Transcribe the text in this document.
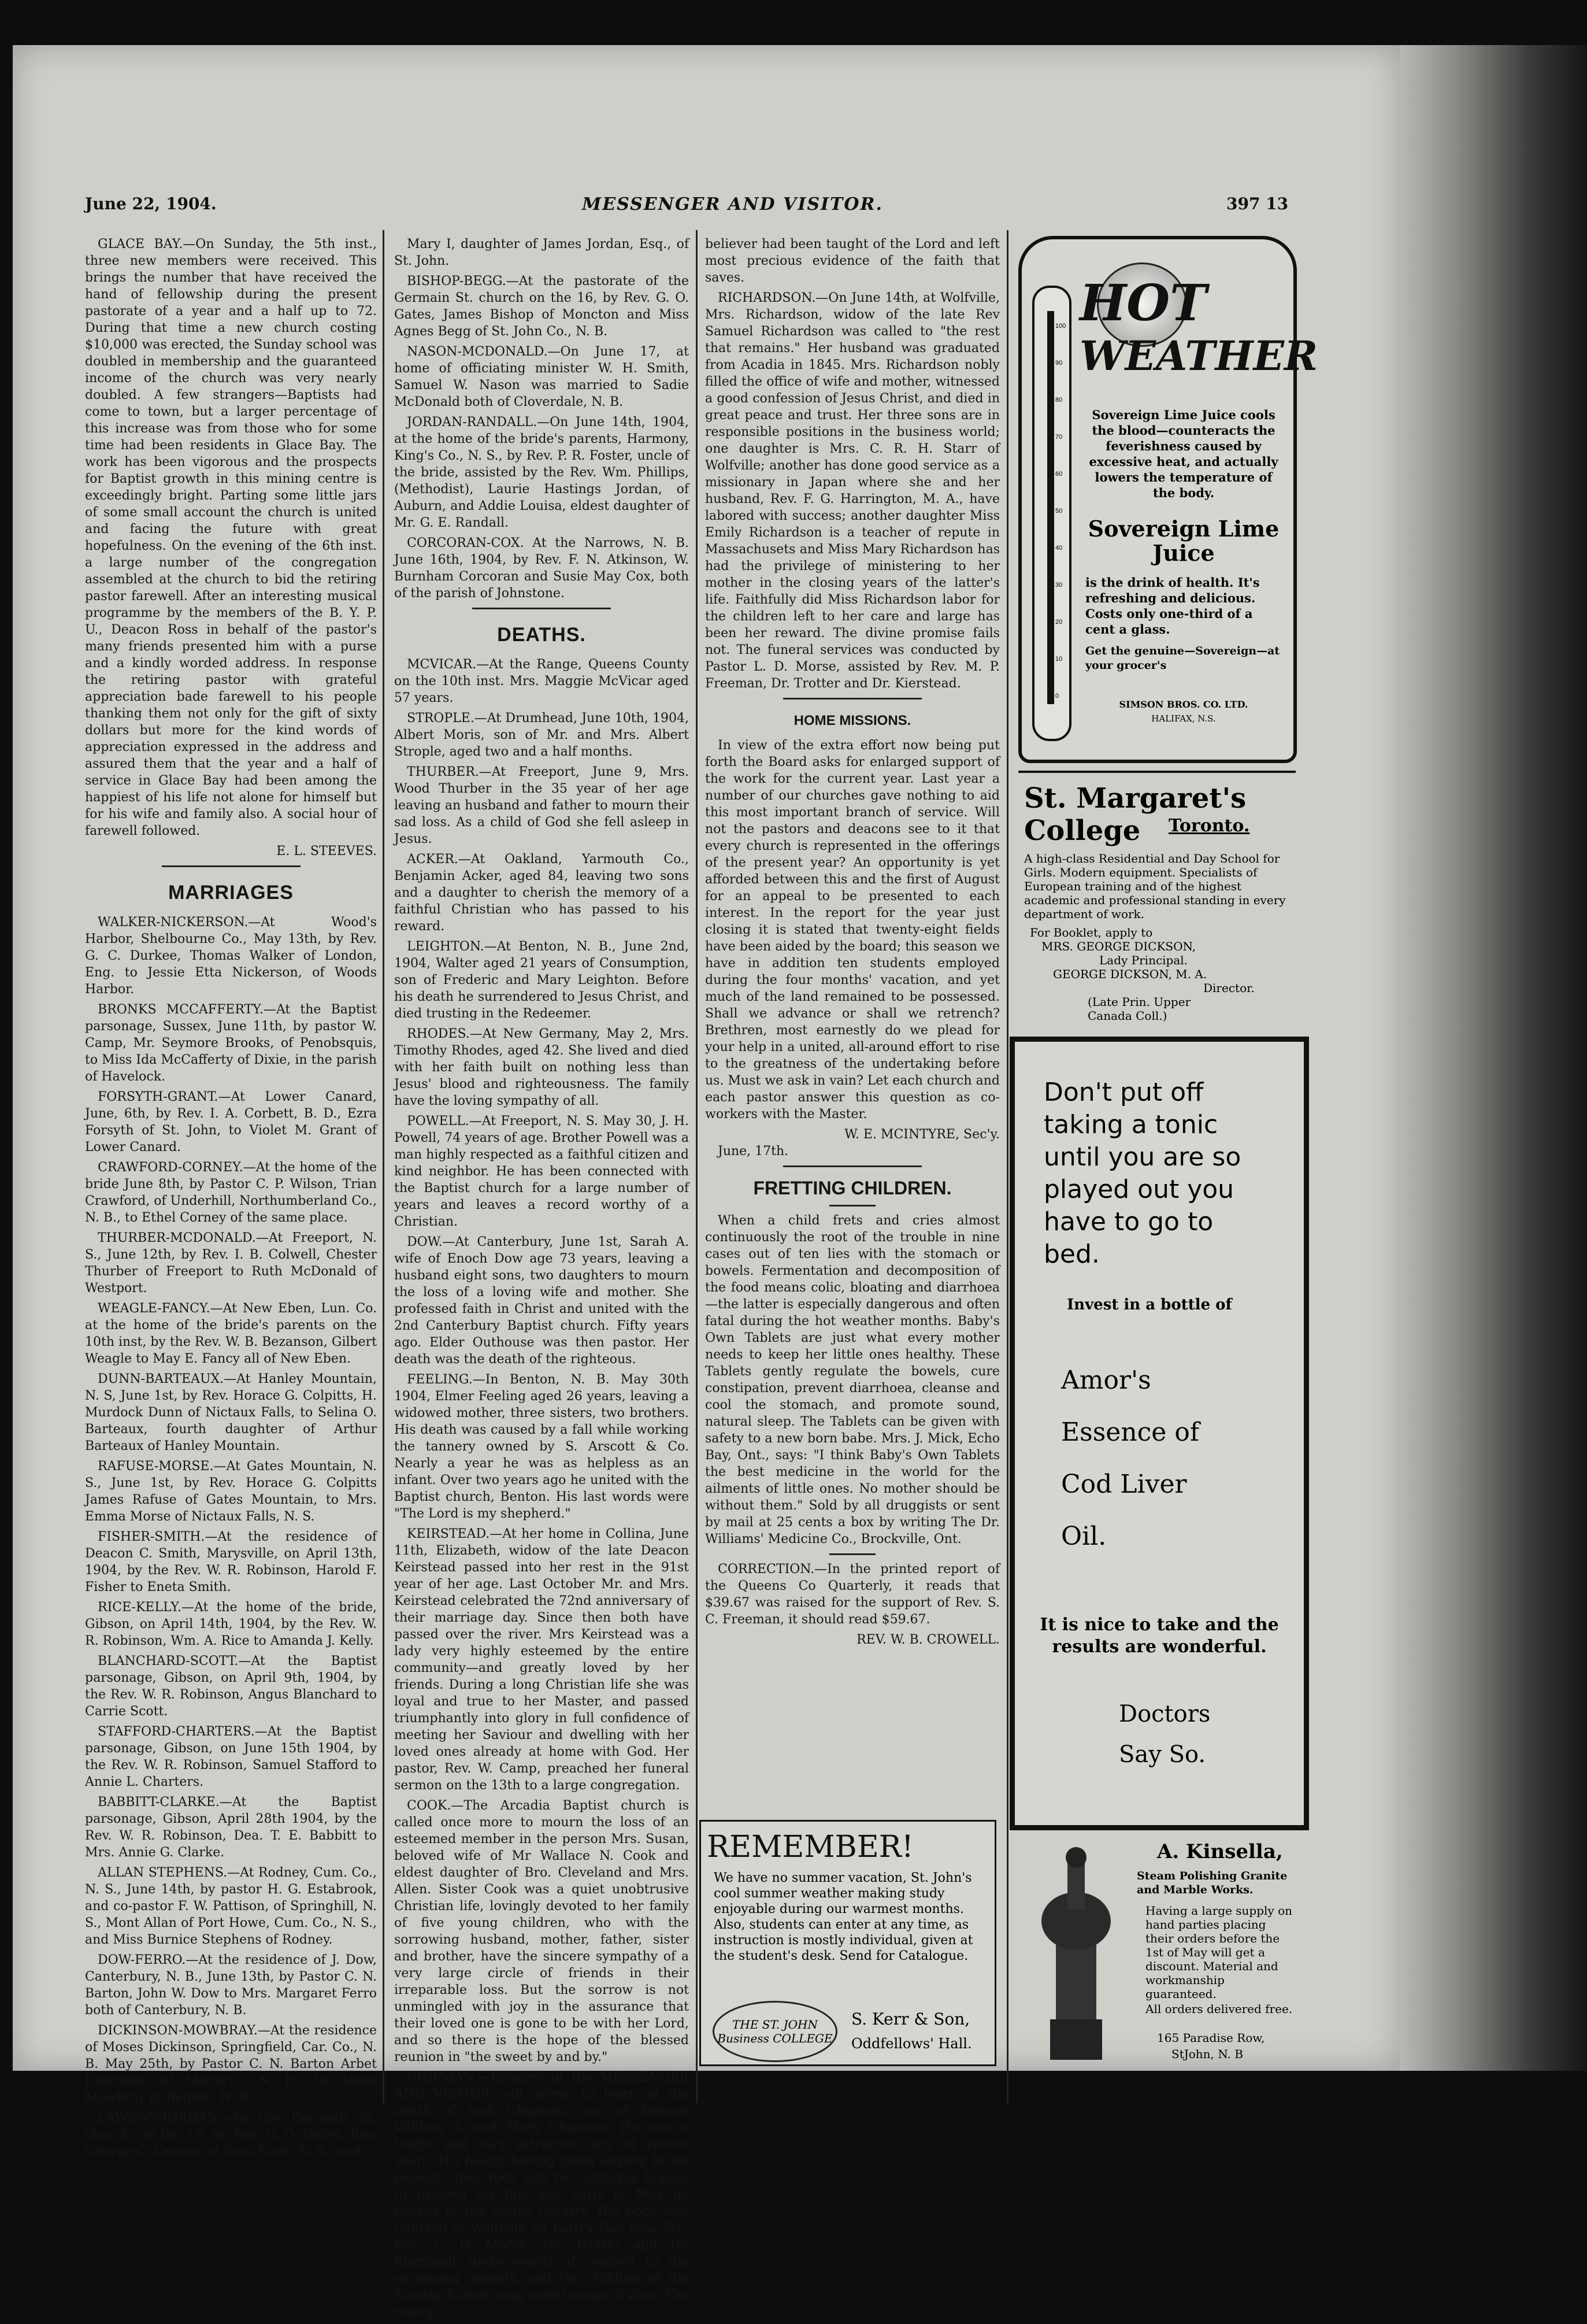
June 22, 1904.	MESSENGER AND VISITOR.	397 13

GLACE BAY.—On Sunday, the 5th inst., three new members were received. This brings the number that have received the hand of fellowship during the present pastorate of a year and a half up to 72. During that time a new church costing $10,000 was erected, the Sunday school was doubled in membership and the guaranteed income of the church was very nearly doubled. A few strangers—Baptists had come to town, but a larger percentage of this increase was from those who for some time had been residents in Glace Bay. The work has been vigorous and the prospects for Baptist growth in this mining centre is exceedingly bright. Parting some little jars of some small account the church is united and facing the future with great hopefulness. On the evening of the 6th inst. a large number of the congregation assembled at the church to bid the retiring pastor farewell. After an interesting musical programme by the members of the B. Y. P. U., Deacon Ross in behalf of the pastor's many friends presented him with a purse and a kindly worded address. In response the retiring pastor with grateful appreciation bade farewell to his people thanking them not only for the gift of sixty dollars but more for the kind words of appreciation expressed in the address and assured them that the year and a half of service in Glace Bay had been among the happiest of his life not alone for himself but for his wife and family also. A social hour of farewell followed.

E. L. STEEVES.
MARRIAGES

WALKER-NICKERSON.—At Wood's Harbor, Shelbourne Co., May 13th, by Rev. G. C. Durkee, Thomas Walker of London, Eng. to Jessie Etta Nickerson, of Woods Harbor.

BRONKS MCCAFFERTY.—At the Baptist parsonage, Sussex, June 11th, by pastor W. Camp, Mr. Seymore Brooks, of Penobsquis, to Miss Ida McCafferty of Dixie, in the parish of Havelock.

FORSYTH-GRANT.—At Lower Canard, June, 6th, by Rev. I. A. Corbett, B. D., Ezra Forsyth of St. John, to Violet M. Grant of Lower Canard.

CRAWFORD-CORNEY.—At the home of the bride June 8th, by Pastor C. P. Wilson, Trian Crawford, of Underhill, Northumberland Co., N. B., to Ethel Corney of the same place.

THURBER-MCDONALD.—At Freeport, N. S., June 12th, by Rev. I. B. Colwell, Chester Thurber of Freeport to Ruth McDonald of Westport.

WEAGLE-FANCY.—At New Eben, Lun. Co. at the home of the bride's parents on the 10th inst, by the Rev. W. B. Bezanson, Gilbert Weagle to May E. Fancy all of New Eben.

DUNN-BARTEAUX.—At Hanley Mountain, N. S, June 1st, by Rev. Horace G. Colpitts, H. Murdock Dunn of Nictaux Falls, to Selina O. Barteaux, fourth daughter of Arthur Barteaux of Hanley Mountain.

RAFUSE-MORSE.—At Gates Mountain, N. S., June 1st, by Rev. Horace G. Colpitts James Rafuse of Gates Mountain, to Mrs. Emma Morse of Nictaux Falls, N. S.

FISHER-SMITH.—At the residence of Deacon C. Smith, Marysville, on April 13th, 1904, by the Rev. W. R. Robinson, Harold F. Fisher to Eneta Smith.

RICE-KELLY.—At the home of the bride, Gibson, on April 14th, 1904, by the Rev. W. R. Robinson, Wm. A. Rice to Amanda J. Kelly.

BLANCHARD-SCOTT.—At the Baptist parsonage, Gibson, on April 9th, 1904, by the Rev. W. R. Robinson, Angus Blanchard to Carrie Scott.

STAFFORD-CHARTERS.—At the Baptist parsonage, Gibson, on June 15th 1904, by the Rev. W. R. Robinson, Samuel Stafford to Annie L. Charters.

BABBITT-CLARKE.—At the Baptist parsonage, Gibson, April 28th 1904, by the Rev. W. R. Robinson, Dea. T. E. Babbitt to Mrs. Annie G. Clarke.

ALLAN STEPHENS.—At Rodney, Cum. Co., N. S., June 14th, by pastor H. G. Estabrook, and co-pastor F. W. Pattison, of Springhill, N. S., Mont Allan of Port Howe, Cum. Co., N. S., and Miss Burnice Stephens of Rodney.

DOW-FERRO.—At the residence of J. Dow, Canterbury, N. B., June 13th, by Pastor C. N. Barton, John W. Dow to Mrs. Margaret Ferro both of Canterbury, N. B.

DICKINSON-MOWBRAY.—At the residence of Moses Dickinson, Springfield, Car. Co., N. B. May 25th, by Pastor C. N. Barton Arbet Dickinson of Meductic N. B., to Annie Mowbray of Benton, N. B.

LAWSON-JORDAN.—In the Germain St. church, on the 15, by Rev. G. O. Gates, Rev. George C. Lawson of Bass River, N. S., and

Mary I, daughter of James Jordan, Esq., of St. John.

BISHOP-BEGG.—At the pastorate of the Germain St. church on the 16, by Rev. G. O. Gates, James Bishop of Moncton and Miss Agnes Begg of St. John Co., N. B.

NASON-MCDONALD.—On June 17, at home of officiating minister W. H. Smith, Samuel W. Nason was married to Sadie McDonald both of Cloverdale, N. B.

JORDAN-RANDALL.—On June 14th, 1904, at the home of the bride's parents, Harmony, King's Co., N. S., by Rev. P. R. Foster, uncle of the bride, assisted by the Rev. Wm. Phillips, (Methodist), Laurie Hastings Jordan, of Auburn, and Addie Louisa, eldest daughter of Mr. G. E. Randall.

CORCORAN-COX. At the Narrows, N. B. June 16th, 1904, by Rev. F. N. Atkinson, W. Burnham Corcoran and Susie May Cox, both of the parish of Johnstone.

DEATHS.

MCVICAR.—At the Range, Queens County on the 10th inst. Mrs. Maggie McVicar aged 57 years.

STROPLE.—At Drumhead, June 10th, 1904, Albert Moris, son of Mr. and Mrs. Albert Strople, aged two and a half months.

THURBER.—At Freeport, June 9, Mrs. Wood Thurber in the 35 year of her age leaving an husband and father to mourn their sad loss. As a child of God she fell asleep in Jesus.

ACKER.—At Oakland, Yarmouth Co., Benjamin Acker, aged 84, leaving two sons and a daughter to cherish the memory of a faithful Christian who has passed to his reward.

LEIGHTON.—At Benton, N. B., June 2nd, 1904, Walter aged 21 years of Consumption, son of Frederic and Mary Leighton. Before his death he surrendered to Jesus Christ, and died trusting in the Redeemer.

RHODES.—At New Germany, May 2, Mrs. Timothy Rhodes, aged 42. She lived and died with her faith built on nothing less than Jesus' blood and righteousness. The family have the loving sympathy of all.

POWELL.—At Freeport, N. S. May 30, J. H. Powell, 74 years of age. Brother Powell was a man highly respected as a faithful citizen and kind neighbor. He has been connected with the Baptist church for a large number of years and leaves a record worthy of a Christian.

DOW.—At Canterbury, June 1st, Sarah A. wife of Enoch Dow age 73 years, leaving a husband eight sons, two daughters to mourn the loss of a loving wife and mother. She professed faith in Christ and united with the 2nd Canterbury Baptist church. Fifty years ago. Elder Outhouse was then pastor. Her death was the death of the righteous.

FEELING.—In Benton, N. B. May 30th 1904, Elmer Feeling aged 26 years, leaving a widowed mother, three sisters, two brothers. His death was caused by a fall while working the tannery owned by S. Arscott & Co. Nearly a year he was as helpless as an infant. Over two years ago he united with the Baptist church, Benton. His last words were "The Lord is my shepherd."

KEIRSTEAD.—At her home in Collina, June 11th, Elizabeth, widow of the late Deacon Keirstead passed into her rest in the 91st year of her age. Last October Mr. and Mrs. Keirstead celebrated the 72nd anniversary of their marriage day. Since then both have passed over the river. Mrs Keirstead was a lady very highly esteemed by the entire community—and greatly loved by her friends. During a long Christian life she was loyal and true to her Master, and passed triumphantly into glory in full confidence of meeting her Saviour and dwelling with her loved ones already at home with God. Her pastor, Rev. W. Camp, preached her funeral sermon on the 13th to a large congregation.

COOK.—The Arcadia Baptist church is called once more to mourn the loss of an esteemed member in the person Mrs. Susan, beloved wife of Mr Wallace N. Cook and eldest daughter of Bro. Cleveland and Mrs. Allen. Sister Cook was a quiet unobtrusive Christian life, lovingly devoted to her family of five young children, who with the sorrowing husband, mother, father, sister and brother, have the sincere sympathy of a very large circle of friends in their irreparable loss. But the sorrow is not unmingled with joy in the assurance that their loved one is gone to be with her Lord, and so there is the hope of the blessed reunion in "the sweet by and by."

CHIPMAN.—Readers of the MESSENGER AND VISITOR will grieve to learn of the death of Jack Chipman, son of Deacon William A. and Mary Chipman. He was a bright and very attractive boy of twelve years. His health having given anxiety to his parents, they took him to California hoping to prolong his life. But early in May he passed in the better country. His body was interred in Wolfville on Lord's Day June 5th. Rev. L. D. Morse, Dr. Trotter and Dr. Kierstead spoke words of comfort to the sorrowing parents, and the children of the Sunday School sang sweet songs of Zion. The young

believer had been taught of the Lord and left most precious evidence of the faith that saves.

RICHARDSON.—On June 14th, at Wolfville, Mrs. Richardson, widow of the late Rev Samuel Richardson was called to "the rest that remains." Her husband was graduated from Acadia in 1845. Mrs. Richardson nobly filled the office of wife and mother, witnessed a good confession of Jesus Christ, and died in great peace and trust. Her three sons are in responsible positions in the business world; one daughter is Mrs. C. R. H. Starr of Wolfville; another has done good service as a missionary in Japan where she and her husband, Rev. F. G. Harrington, M. A., have labored with success; another daughter Miss Emily Richardson is a teacher of repute in Massachusets and Miss Mary Richardson has had the privilege of ministering to her mother in the closing years of the latter's life. Faithfully did Miss Richardson labor for the children left to her care and large has been her reward. The divine promise fails not. The funeral services was conducted by Pastor L. D. Morse, assisted by Rev. M. P. Freeman, Dr. Trotter and Dr. Kierstead.

HOME MISSIONS.

In view of the extra effort now being put forth the Board asks for enlarged support of the work for the current year. Last year a number of our churches gave nothing to aid this most important branch of service. Will not the pastors and deacons see to it that every church is represented in the offerings of the present year? An opportunity is yet afforded between this and the first of August for an appeal to be presented to each interest. In the report for the year just closing it is stated that twenty-eight fields have been aided by the board; this season we have in addition ten students employed during the four months' vacation, and yet much of the land remained to be possessed. Shall we advance or shall we retrench? Brethren, most earnestly do we plead for your help in a united, all-around effort to rise to the greatness of the undertaking before us. Must we ask in vain? Let each church and each pastor answer this question as co-workers with the Master.

W. E. MCINTYRE, Sec'y.

June, 17th.

FRETTING CHILDREN.

When a child frets and cries almost continuously the root of the trouble in nine cases out of ten lies with the stomach or bowels. Fermentation and decomposition of the food means colic, bloating and diarrhoea—the latter is especially dangerous and often fatal during the hot weather months. Baby's Own Tablets are just what every mother needs to keep her little ones healthy. These Tablets gently regulate the bowels, cure constipation, prevent diarrhoea, cleanse and cool the stomach, and promote sound, natural sleep. The Tablets can be given with safety to a new born babe. Mrs. J. Mick, Echo Bay, Ont., says: "I think Baby's Own Tablets the best medicine in the world for the ailments of little ones. No mother should be without them." Sold by all druggists or sent by mail at 25 cents a box by writing The Dr. Williams' Medicine Co., Brockville, Ont.

CORRECTION.—In the printed report of the Queens Co Quarterly, it reads that $39.67 was raised for the support of Rev. S. C. Freeman, it should read $59.67.

REV. W. B. CROWELL.
REMEMBER!
We have no summer vacation, St. John's cool summer weather making study enjoyable during our warmest months. Also, students can enter at any time, as instruction is mostly individual, given at the student's desk. Send for Catalogue.
THE ST. JOHN Business COLLEGE
S. Kerr & Son,
Oddfellows' Hall.
100
90
80
70
60
50
40
30
20
10
0
HOT
WEATHER
Sovereign Lime Juice cools the blood—counteracts the feverishness caused by excessive heat, and actually lowers the temperature of the body.
Sovereign Lime Juice
is the drink of health. It's refreshing and delicious. Costs only one-third of a cent a glass.
Get the genuine—Sovereign—at your grocer's
SIMSON BROS. CO. LTD.
HALIFAX, N.S.
St. Margaret's College	Toronto.
A high-class Residential and Day School for Girls. Modern equipment. Specialists of European training and of the highest academic and professional standing in every department of work.
For Booklet, apply to
MRS. GEORGE DICKSON,
Lady Principal.
GEORGE DICKSON, M. A.
Director.
(Late Prin. Upper Canada Coll.)
Don't put off taking a tonic until you are so played out you have to go to bed.
Invest in a bottle of
Amor's
Essence of
Cod Liver
Oil.
It is nice to take and the results are wonderful.
Doctors
Say So.
A. Kinsella,
Steam Polishing Granite and Marble Works.
Having a large supply on hand parties placing their orders before the 1st of May will get a discount. Material and workmanship guaranteed.
All orders delivered free.
165 Paradise Row,
StJohn, N. B
